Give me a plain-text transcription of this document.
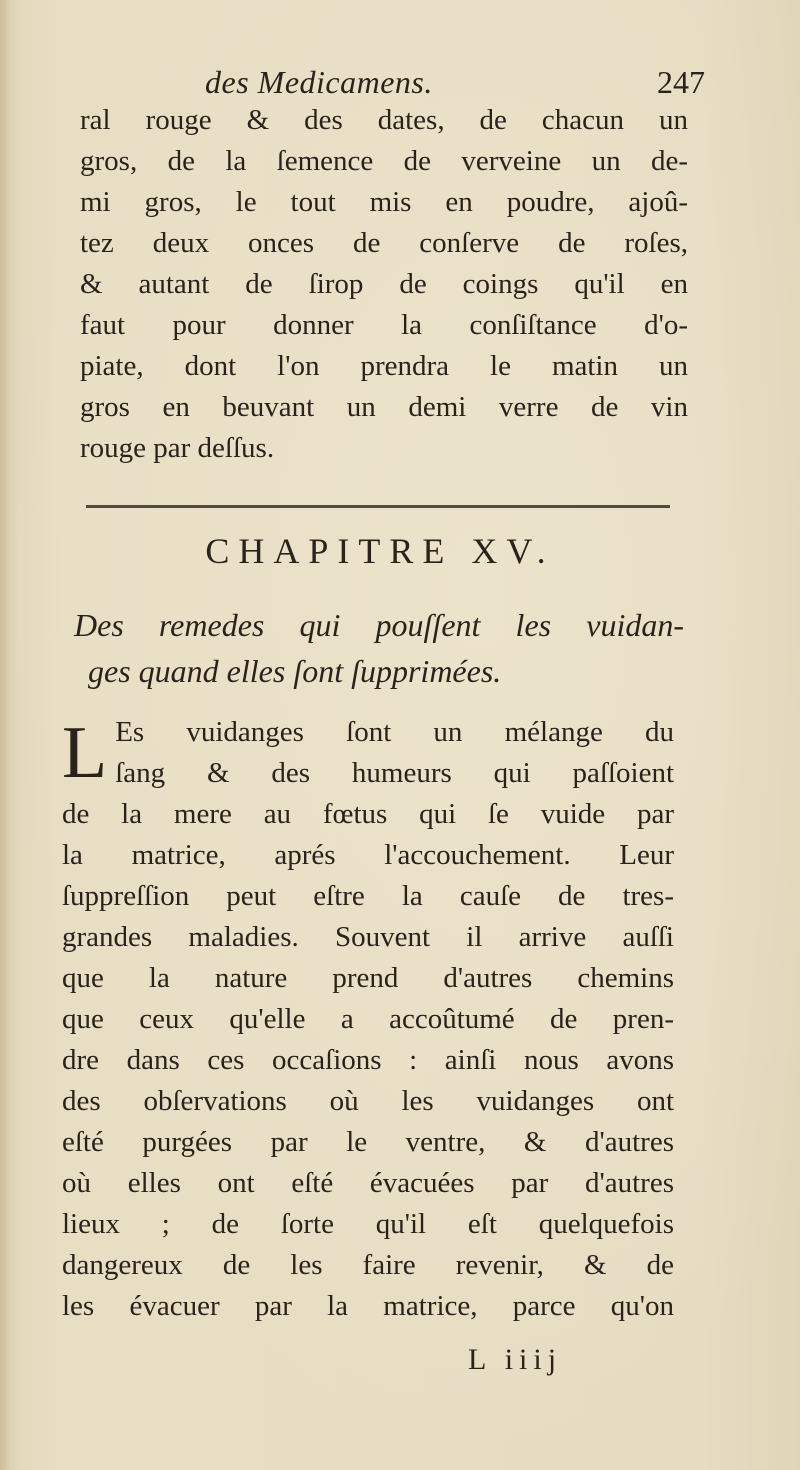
des Medicamens.	247
ral rouge & des dates, de chacun un
gros, de la ſemence de verveine un de-
mi gros, le tout mis en poudre, ajoû-
tez deux onces de conſerve de roſes,
& autant de ſirop de coings qu'il en
faut pour donner la conſiſtance d'o-
piate, dont l'on prendra le matin un
gros en beuvant un demi verre de vin
rouge par deſſus.
CHAPITRE XV.
Des remedes qui pouſſent les vuidan-
ges quand elles ſont ſupprimées.
L Es vuidanges ſont un mélange du
ſang & des humeurs qui paſſoient
de la mere au fœtus qui ſe vuide par
la matrice, aprés l'accouchement. Leur
ſuppreſſion peut eſtre la cauſe de tres-
grandes maladies. Souvent il arrive auſſi
que la nature prend d'autres chemins
que ceux qu'elle a accoûtumé de pren-
dre dans ces occaſions : ainſi nous avons
des obſervations où les vuidanges ont
eſté purgées par le ventre, & d'autres
où elles ont eſté évacuées par d'autres
lieux ; de ſorte qu'il eſt quelquefois
dangereux de les faire revenir, & de
les évacuer par la matrice, parce qu'on
L iiij
